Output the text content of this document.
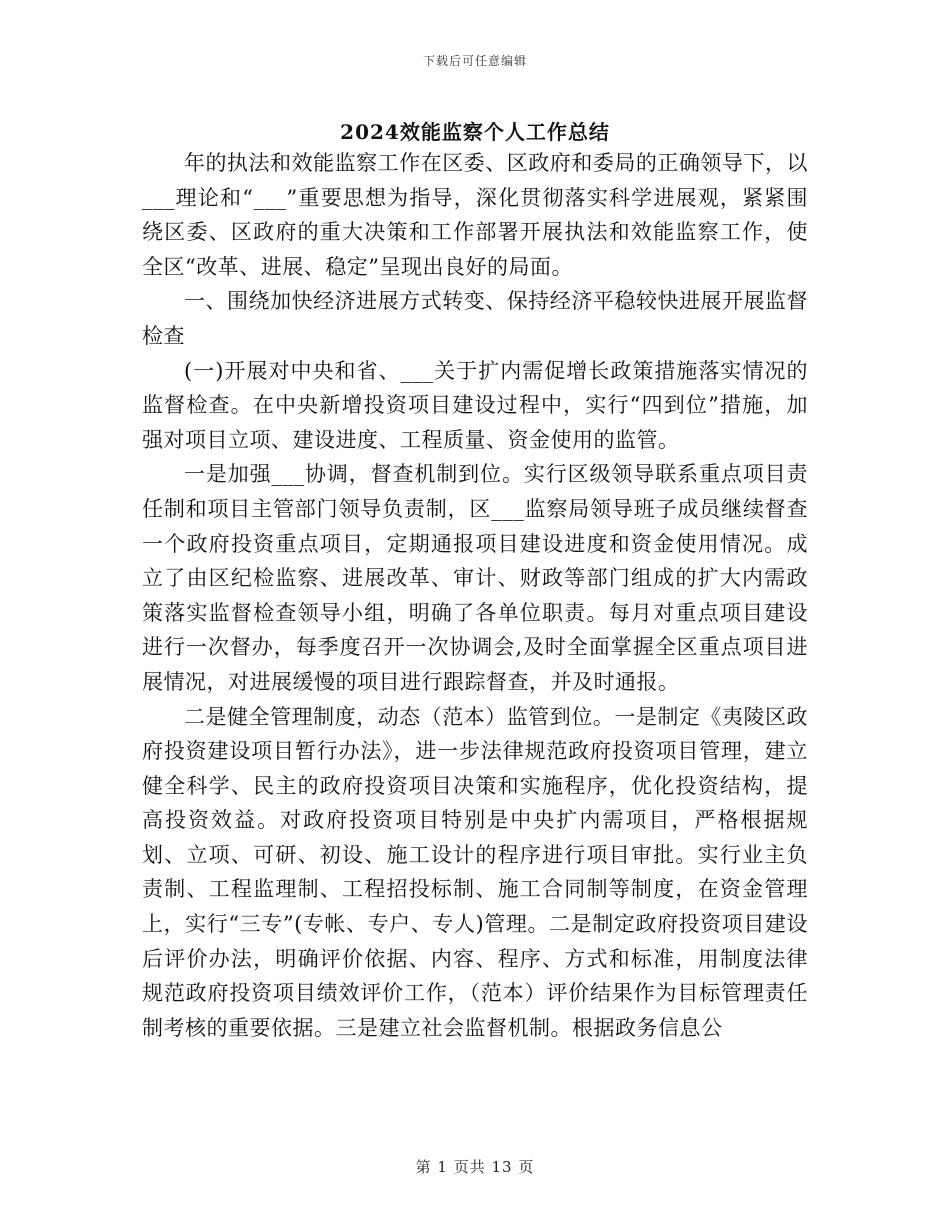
下载后可任意编辑
2024效能监察个人工作总结

年的执法和效能监察工作在区委、区政府和委局的正确领导下，以___理论和“___”重要思想为指导，深化贯彻落实科学进展观，紧紧围绕区委、区政府的重大决策和工作部署开展执法和效能监察工作，使全区“改革、进展、稳定”呈现出良好的局面。

一、围绕加快经济进展方式转变、保持经济平稳较快进展开展监督检查

(一)开展对中央和省、___关于扩内需促增长政策措施落实情况的监督检查。在中央新增投资项目建设过程中，实行“四到位”措施，加强对项目立项、建设进度、工程质量、资金使用的监管。

一是加强___协调，督查机制到位。实行区级领导联系重点项目责任制和项目主管部门领导负责制，区___监察局领导班子成员继续督查一个政府投资重点项目，定期通报项目建设进度和资金使用情况。成立了由区纪检监察、进展改革、审计、财政等部门组成的扩大内需政策落实监督检查领导小组，明确了各单位职责。每月对重点项目建设进行一次督办，每季度召开一次协调会,及时全面掌握全区重点项目进展情况，对进展缓慢的项目进行跟踪督查，并及时通报。

二是健全管理制度，动态（范本）监管到位。一是制定《夷陵区政府投资建设项目暂行办法》，进一步法律规范政府投资项目管理，建立健全科学、民主的政府投资项目决策和实施程序，优化投资结构，提高投资效益。对政府投资项目特别是中央扩内需项目，严格根据规划、立项、可研、初设、施工设计的程序进行项目审批。实行业主负责制、工程监理制、工程招投标制、施工合同制等制度，在资金管理上，实行“三专”(专帐、专户、专人)管理。二是制定政府投资项目建设后评价办法，明确评价依据、内容、程序、方式和标准，用制度法律规范政府投资项目绩效评价工作，（范本）评价结果作为目标管理责任制考核的重要依据。三是建立社会监督机制。根据政务信息公

第 1 页共 13 页
